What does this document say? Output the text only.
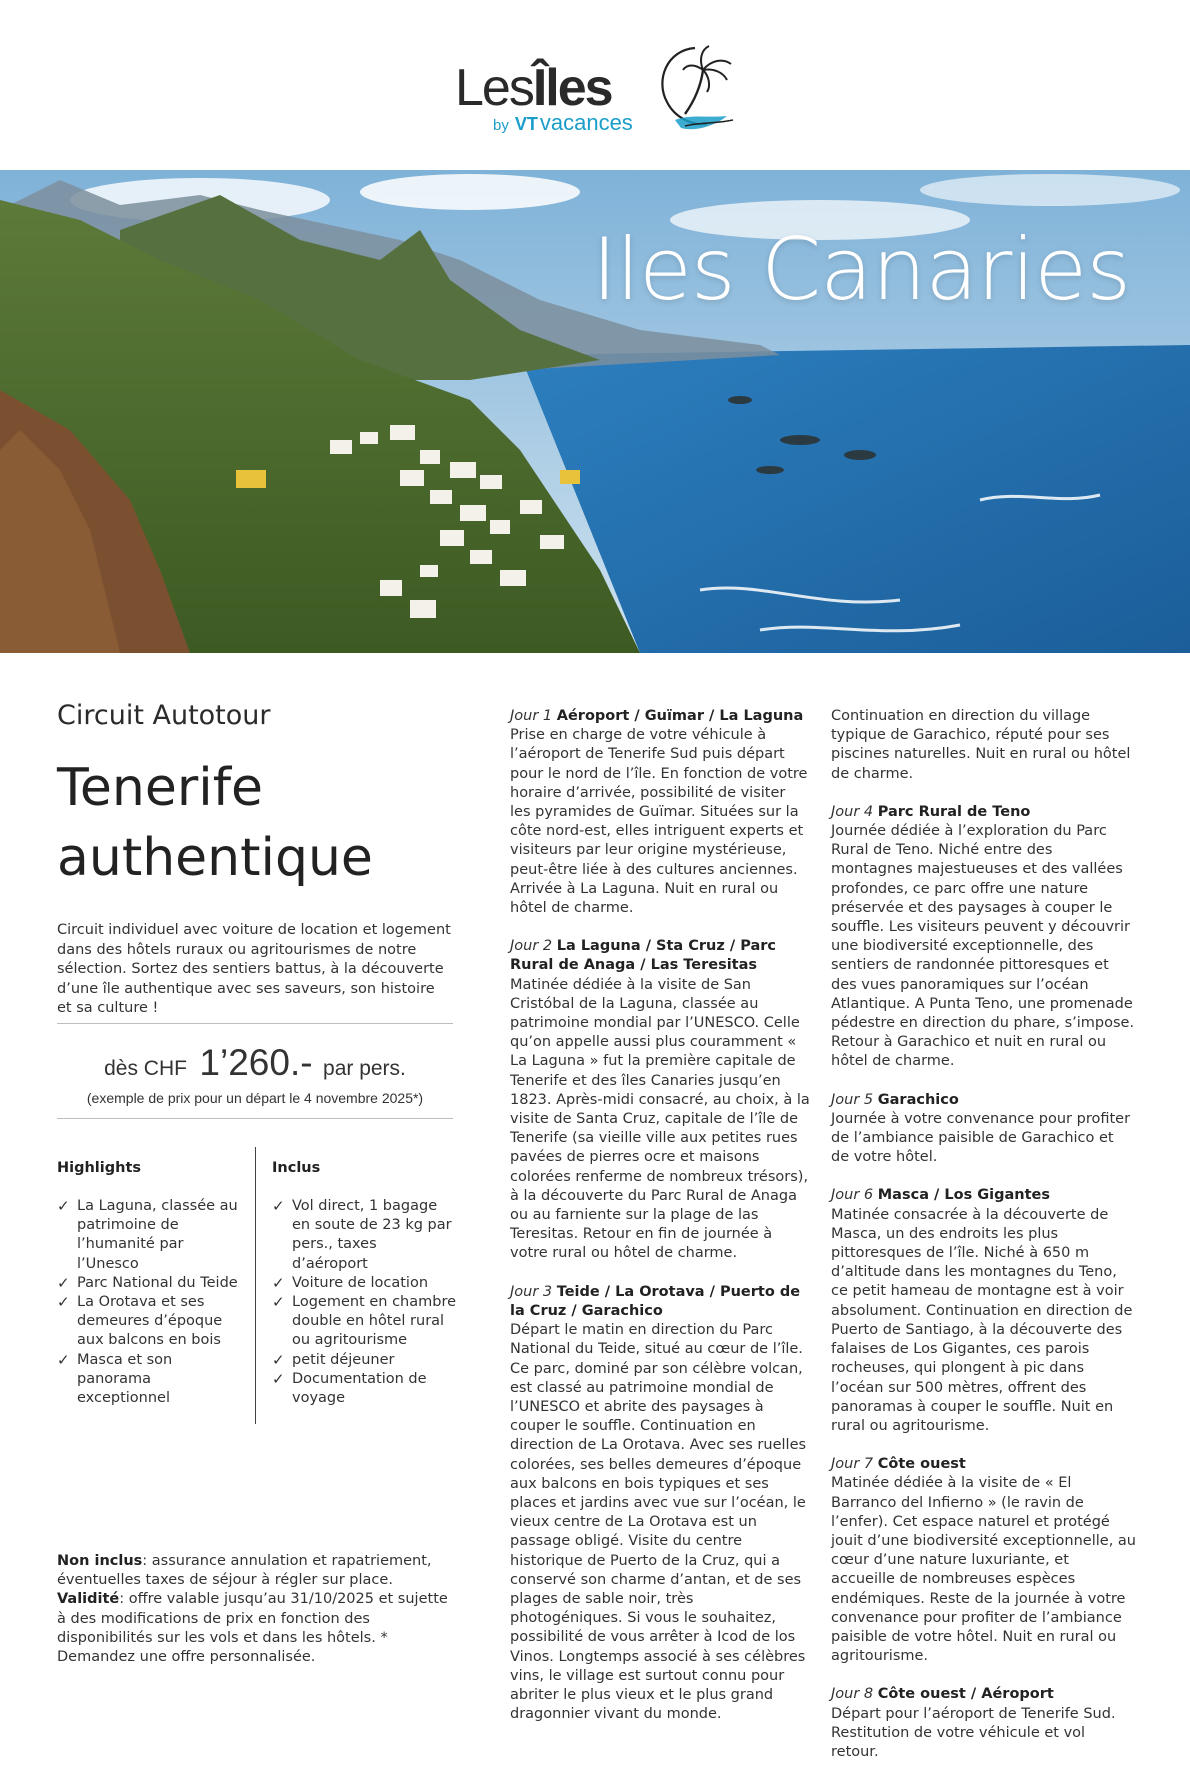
LesÎles
by VTvacances
Iles Canaries
Circuit Autotour
Tenerife
authentique

Circuit individuel avec voiture de location et logement dans des hôtels ruraux ou agritourismes de notre sélection. Sortez des sentiers battus, à la découverte d’une île authentique avec ses saveurs, son histoire et sa culture !

dès CHF 1’260.- par pers.
(exemple de prix pour un départ le 4 novembre 2025*)
Highlights	Inclus
✓ La Laguna, classée au patrimoine de l’humanité par l’Unesco
✓ Parc National du Teide
✓ La Orotava et ses demeures d’époque aux balcons en bois
✓ Masca et son panorama exceptionnel
✓ Vol direct, 1 bagage en soute de 23 kg par pers., taxes d’aéroport
✓ Voiture de location
✓ Logement en chambre double en hôtel rural ou agritourisme
✓ petit déjeuner
✓ Documentation de voyage
Non inclus: assurance annulation et rapatriement, éventuelles taxes de séjour à régler sur place. Validité: offre valable jusqu’au 31/10/2025 et sujette à des modifications de prix en fonction des disponibilités sur les vols et dans les hôtels. * Demandez une offre personnalisée.
Jour 1 Aéroport / Guïmar / La Laguna
Prise en charge de votre véhicule à l’aéroport de Tenerife Sud puis départ pour le nord de l’île. En fonction de votre horaire d’arrivée, possibilité de visiter les pyramides de Guïmar. Situées sur la côte nord-est, elles intriguent experts et visiteurs par leur origine mystérieuse, peut-être liée à des cultures anciennes. Arrivée à La Laguna. Nuit en rural ou hôtel de charme.
Jour 2 La Laguna / Sta Cruz / Parc Rural de Anaga / Las Teresitas
Matinée dédiée à la visite de San Cristóbal de la Laguna, classée au patrimoine mondial par l’UNESCO. Celle qu’on appelle aussi plus couramment « La Laguna » fut la première capitale de Tenerife et des îles Canaries jusqu’en 1823. Après-midi consacré, au choix, à la visite de Santa Cruz, capitale de l’île de Tenerife (sa vieille ville aux petites rues pavées de pierres ocre et maisons colorées renferme de nombreux trésors), à la découverte du Parc Rural de Anaga ou au farniente sur la plage de las Teresitas. Retour en fin de journée à votre rural ou hôtel de charme.
Jour 3 Teide / La Orotava / Puerto de la Cruz / Garachico
Départ le matin en direction du Parc National du Teide, situé au cœur de l’île. Ce parc, dominé par son célèbre volcan, est classé au patrimoine mondial de l’UNESCO et abrite des paysages à couper le souffle. Continuation en direction de La Orotava. Avec ses ruelles colorées, ses belles demeures d’époque aux balcons en bois typiques et ses places et jardins avec vue sur l’océan, le vieux centre de La Orotava est un passage obligé. Visite du centre historique de Puerto de la Cruz, qui a conservé son charme d’antan, et de ses plages de sable noir, très photogéniques. Si vous le souhaitez, possibilité de vous arrêter à Icod de los Vinos. Longtemps associé à ses célèbres vins, le village est surtout connu pour abriter le plus vieux et le plus grand dragonnier vivant du monde.
Continuation en direction du village typique de Garachico, réputé pour ses piscines naturelles. Nuit en rural ou hôtel de charme.
Jour 4 Parc Rural de Teno
Journée dédiée à l’exploration du Parc Rural de Teno. Niché entre des montagnes majestueuses et des vallées profondes, ce parc offre une nature préservée et des paysages à couper le souffle. Les visiteurs peuvent y découvrir une biodiversité exceptionnelle, des sentiers de randonnée pittoresques et des vues panoramiques sur l’océan Atlantique. A Punta Teno, une promenade pédestre en direction du phare, s’impose. Retour à Garachico et nuit en rural ou hôtel de charme.
Jour 5 Garachico
Journée à votre convenance pour profiter de l’ambiance paisible de Garachico et de votre hôtel.
Jour 6 Masca / Los Gigantes
Matinée consacrée à la découverte de Masca, un des endroits les plus pittoresques de l’île. Niché à 650 m d’altitude dans les montagnes du Teno, ce petit hameau de montagne est à voir absolument. Continuation en direction de Puerto de Santiago, à la découverte des falaises de Los Gigantes, ces parois rocheuses, qui plongent à pic dans l’océan sur 500 mètres, offrent des panoramas à couper le souffle. Nuit en rural ou agritourisme.
Jour 7 Côte ouest
Matinée dédiée à la visite de « El Barranco del Infierno » (le ravin de l’enfer). Cet espace naturel et protégé jouit d’une biodiversité exceptionnelle, au cœur d’une nature luxuriante, et accueille de nombreuses espèces endémiques. Reste de la journée à votre convenance pour profiter de l’ambiance paisible de votre hôtel. Nuit en rural ou agritourisme.
Jour 8 Côte ouest / Aéroport
Départ pour l’aéroport de Tenerife Sud. Restitution de votre véhicule et vol retour.
